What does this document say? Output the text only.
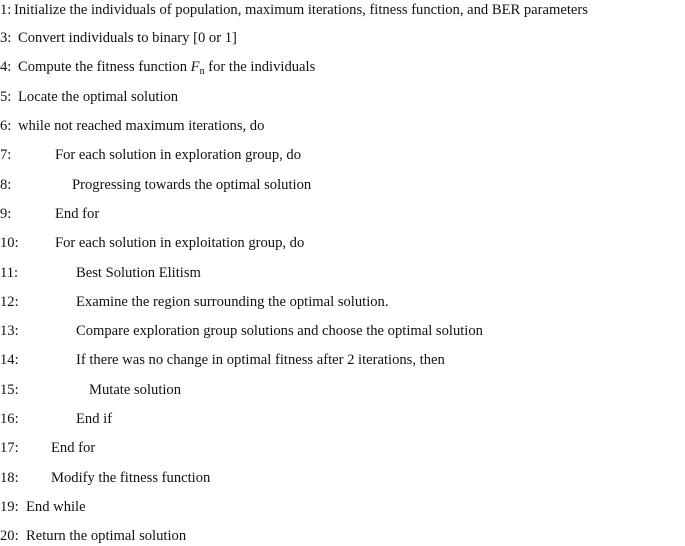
1: Initialize the individuals of population, maximum iterations, fitness function, and BER parameters
3: Convert individuals to binary [0 or 1]
4: Compute the fitness function $F_n$ for the individuals
5: Locate the optimal solution
6: while not reached maximum iterations, do
7:	For each solution in exploration group, do
8:	Progressing towards the optimal solution
9:	End for
10: For each solution in exploitation group, do
11:	Best Solution Elitism
12:	Examine the region surrounding the optimal solution.
13:	Compare exploration group solutions and choose the optimal solution
14:	If there was no change in optimal fitness after 2 iterations, then
15:	Mutate solution
16:	End if
17: End for
18: Modify the fitness function
19: End while
20: Return the optimal solution
